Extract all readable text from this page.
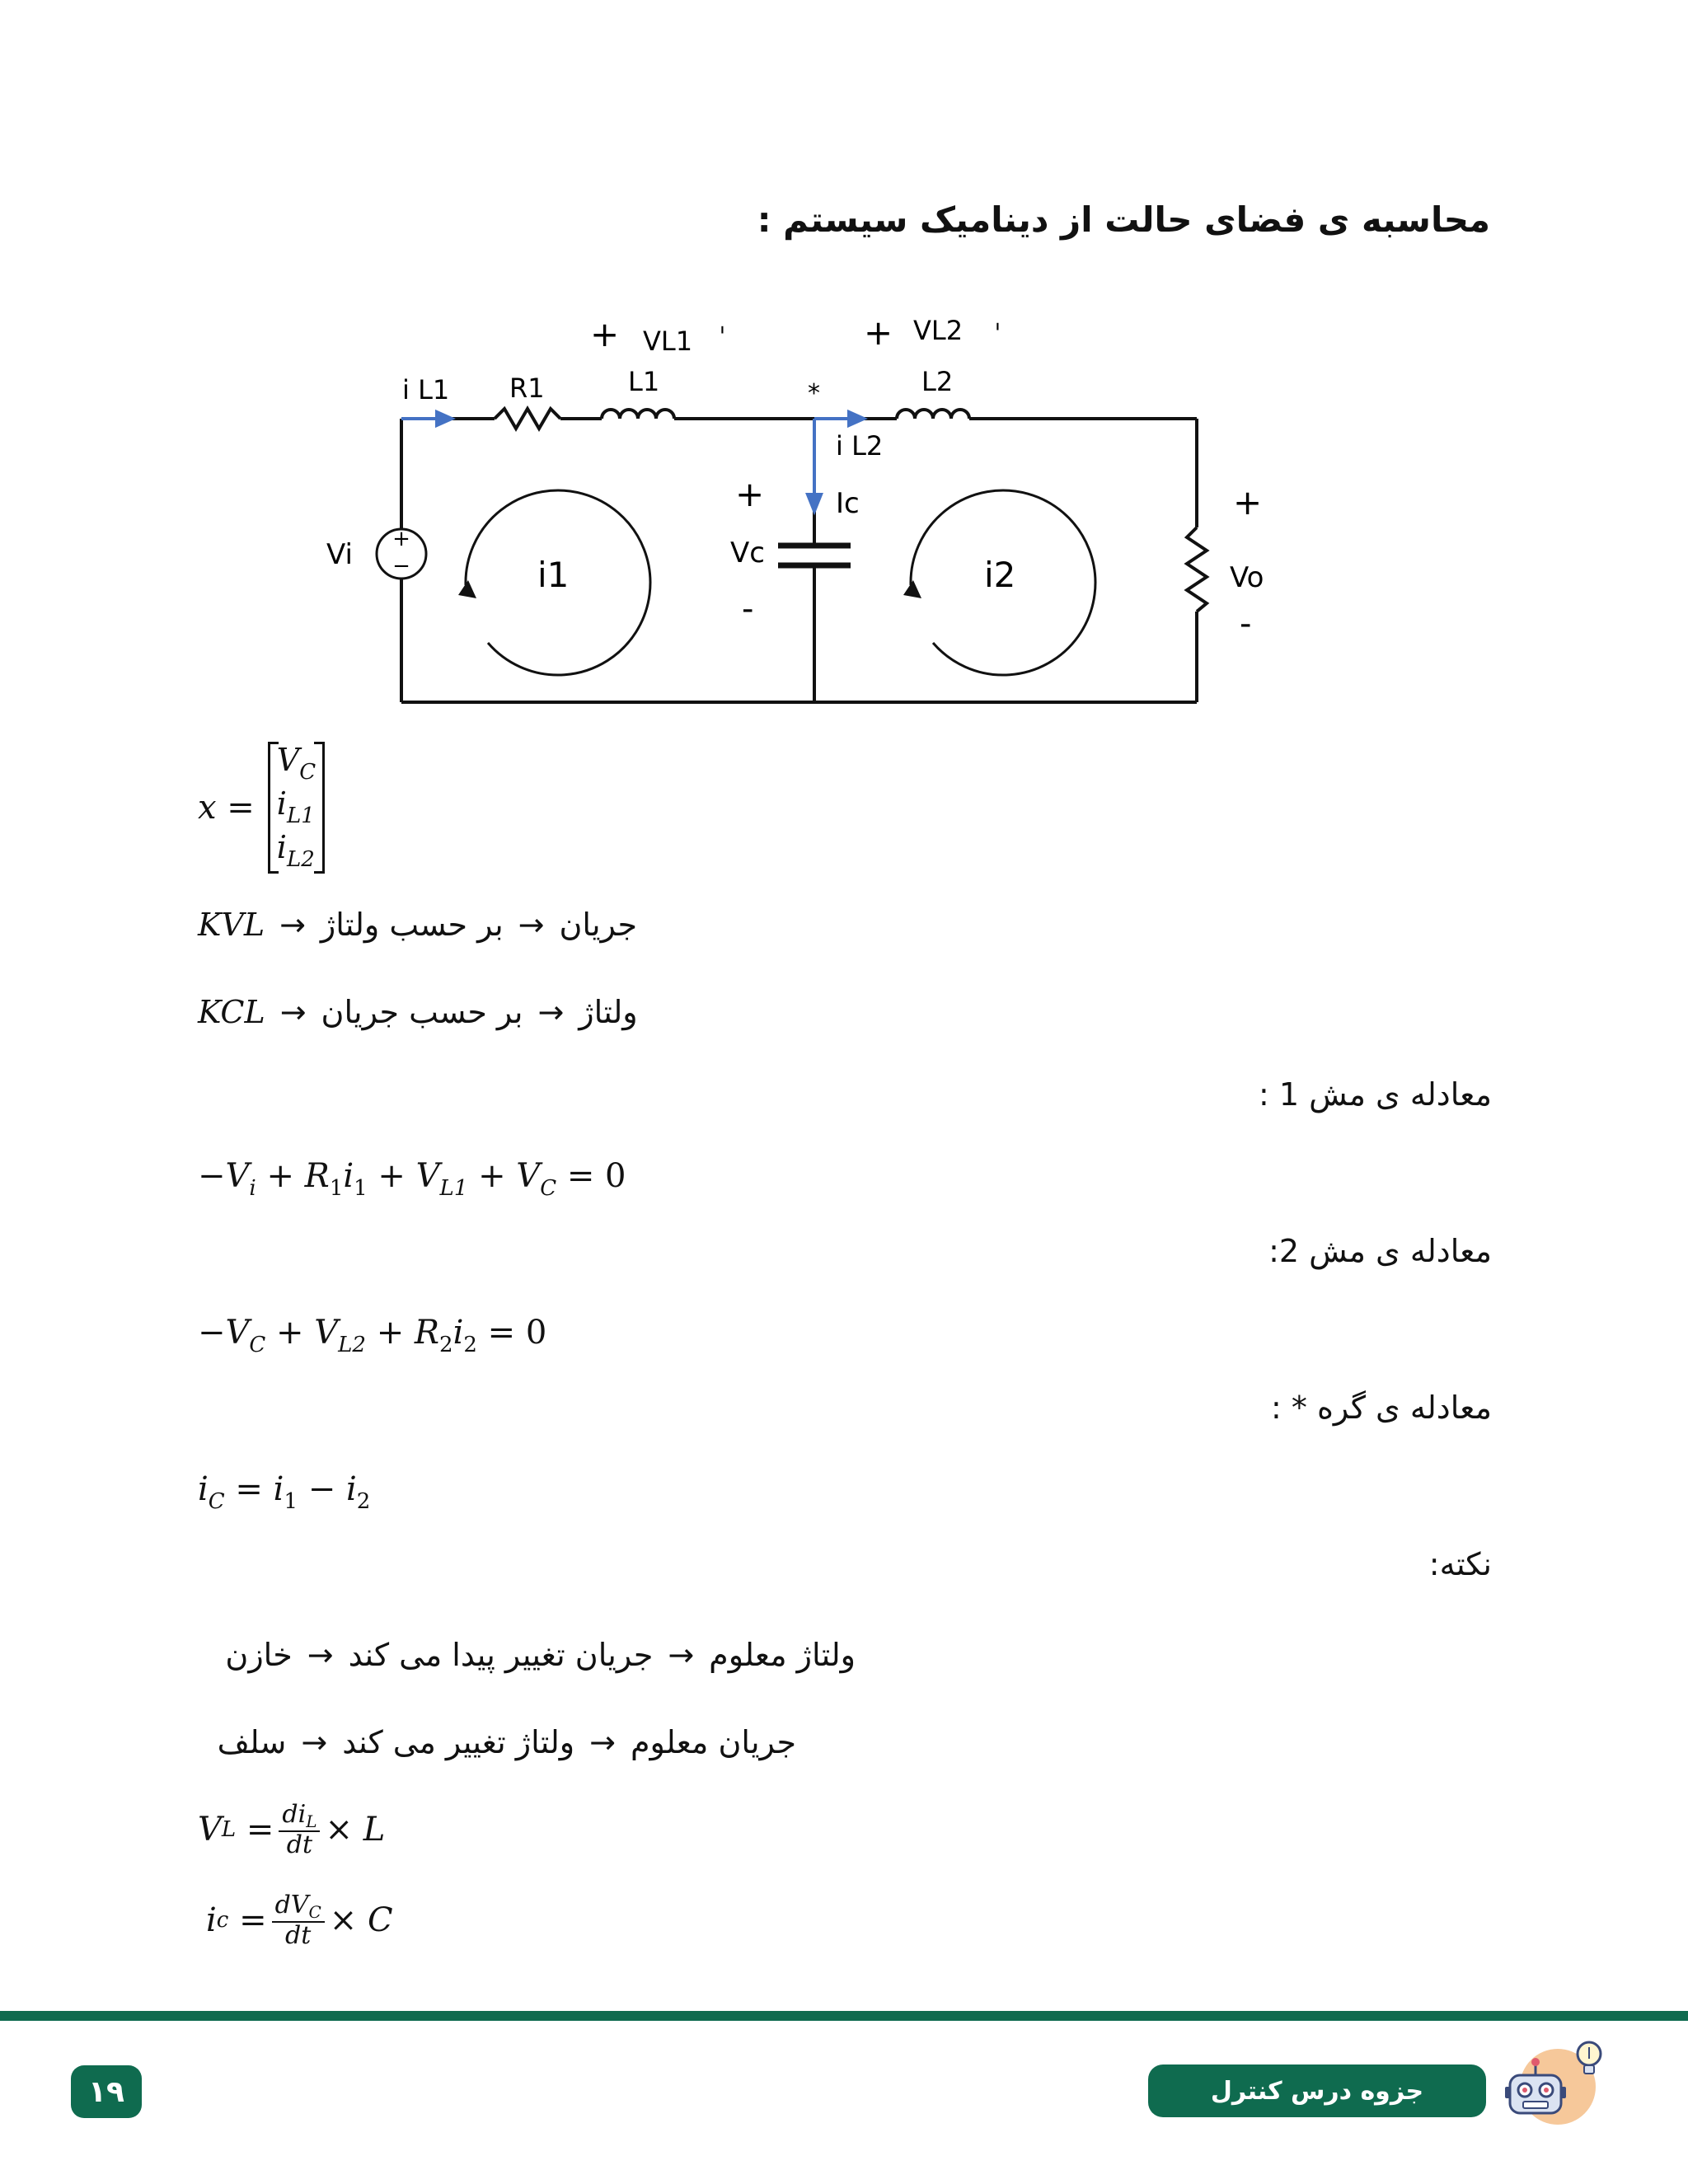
محاسبه ی فضای حالت از دینامیک سیستم :
+
−
i L1 R1	L1
+ VL1 ˈ
*
+ VL2 ˈ
L2
i L2
Ic
+
Vc
-
Vi	i1	i2
+
Vo
-
x =
$V_C$
$i_{L1}$
$i_{L2}$
KVL → بر حسب ولتاژ → جریان
KCL → بر حسب جریان → ولتاژ
معادله ی مش 1 :
$-V_i + R_1i_1 + V_{L1} + V_C = 0$
معادله ی مش 2:
$-V_C + V_{L2} + R_2i_2 = 0$
معادله ی گره * :
$i_C = i_1 - i_2$
نکته:
ولتاژ معلوم
→
جریان تغییر پیدا می کند
→
خازن
جریان معلوم
→
ولتاژ تغییر می کند
→
سلف
V L
= $\frac{di_L}{dt} \times L$
i c
= $\frac{dV_C}{dt} \times C$
۱۹	جزوه درس کنترل
